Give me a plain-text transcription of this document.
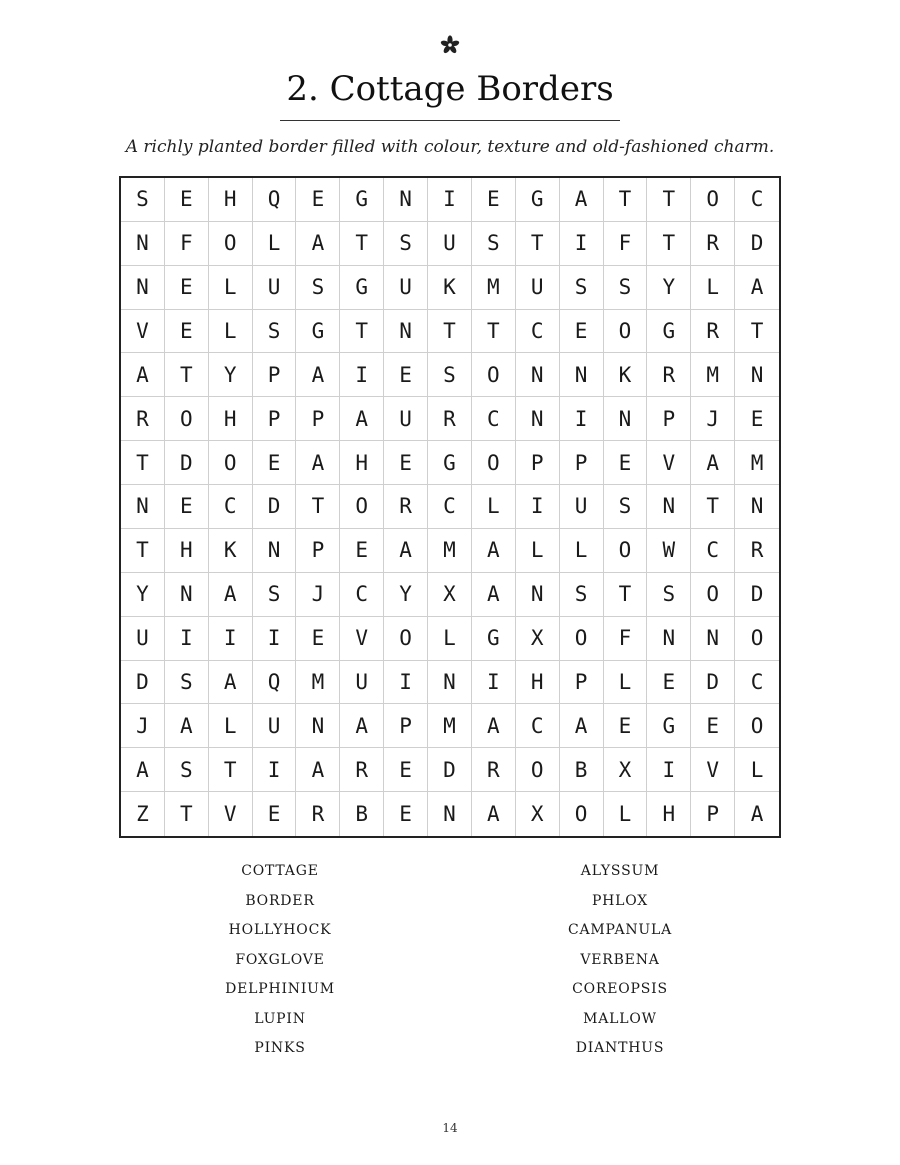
2. Cottage Borders
A richly planted border filled with colour, texture and old-fashioned charm.
S	E	H	Q	E	G	N	I	E	G	A	T	T	O	C
N	F	O	L	A	T	S	U	S	T	I	F	T	R	D
N	E	L	U	S	G	U	K	M	U	S	S	Y	L	A
V	E	L	S	G	T	N	T	T	C	E	O	G	R	T
A	T	Y	P	A	I	E	S	O	N	N	K	R	M	N
R	O	H	P	P	A	U	R	C	N	I	N	P	J	E
T	D	O	E	A	H	E	G	O	P	P	E	V	A	M
N	E	C	D	T	O	R	C	L	I	U	S	N	T	N
T	H	K	N	P	E	A	M	A	L	L	O	W	C	R
Y	N	A	S	J	C	Y	X	A	N	S	T	S	O	D
U	I	I	I	E	V	O	L	G	X	O	F	N	N	O
D	S	A	Q	M	U	I	N	I	H	P	L	E	D	C
J	A	L	U	N	A	P	M	A	C	A	E	G	E	O
A	S	T	I	A	R	E	D	R	O	B	X	I	V	L
Z	T	V	E	R	B	E	N	A	X	O	L	H	P	A
COTTAGE
BORDER
HOLLYHOCK
FOXGLOVE
DELPHINIUM
LUPIN
PINKS
ALYSSUM
PHLOX
CAMPANULA
VERBENA
COREOPSIS
MALLOW
DIANTHUS
14
